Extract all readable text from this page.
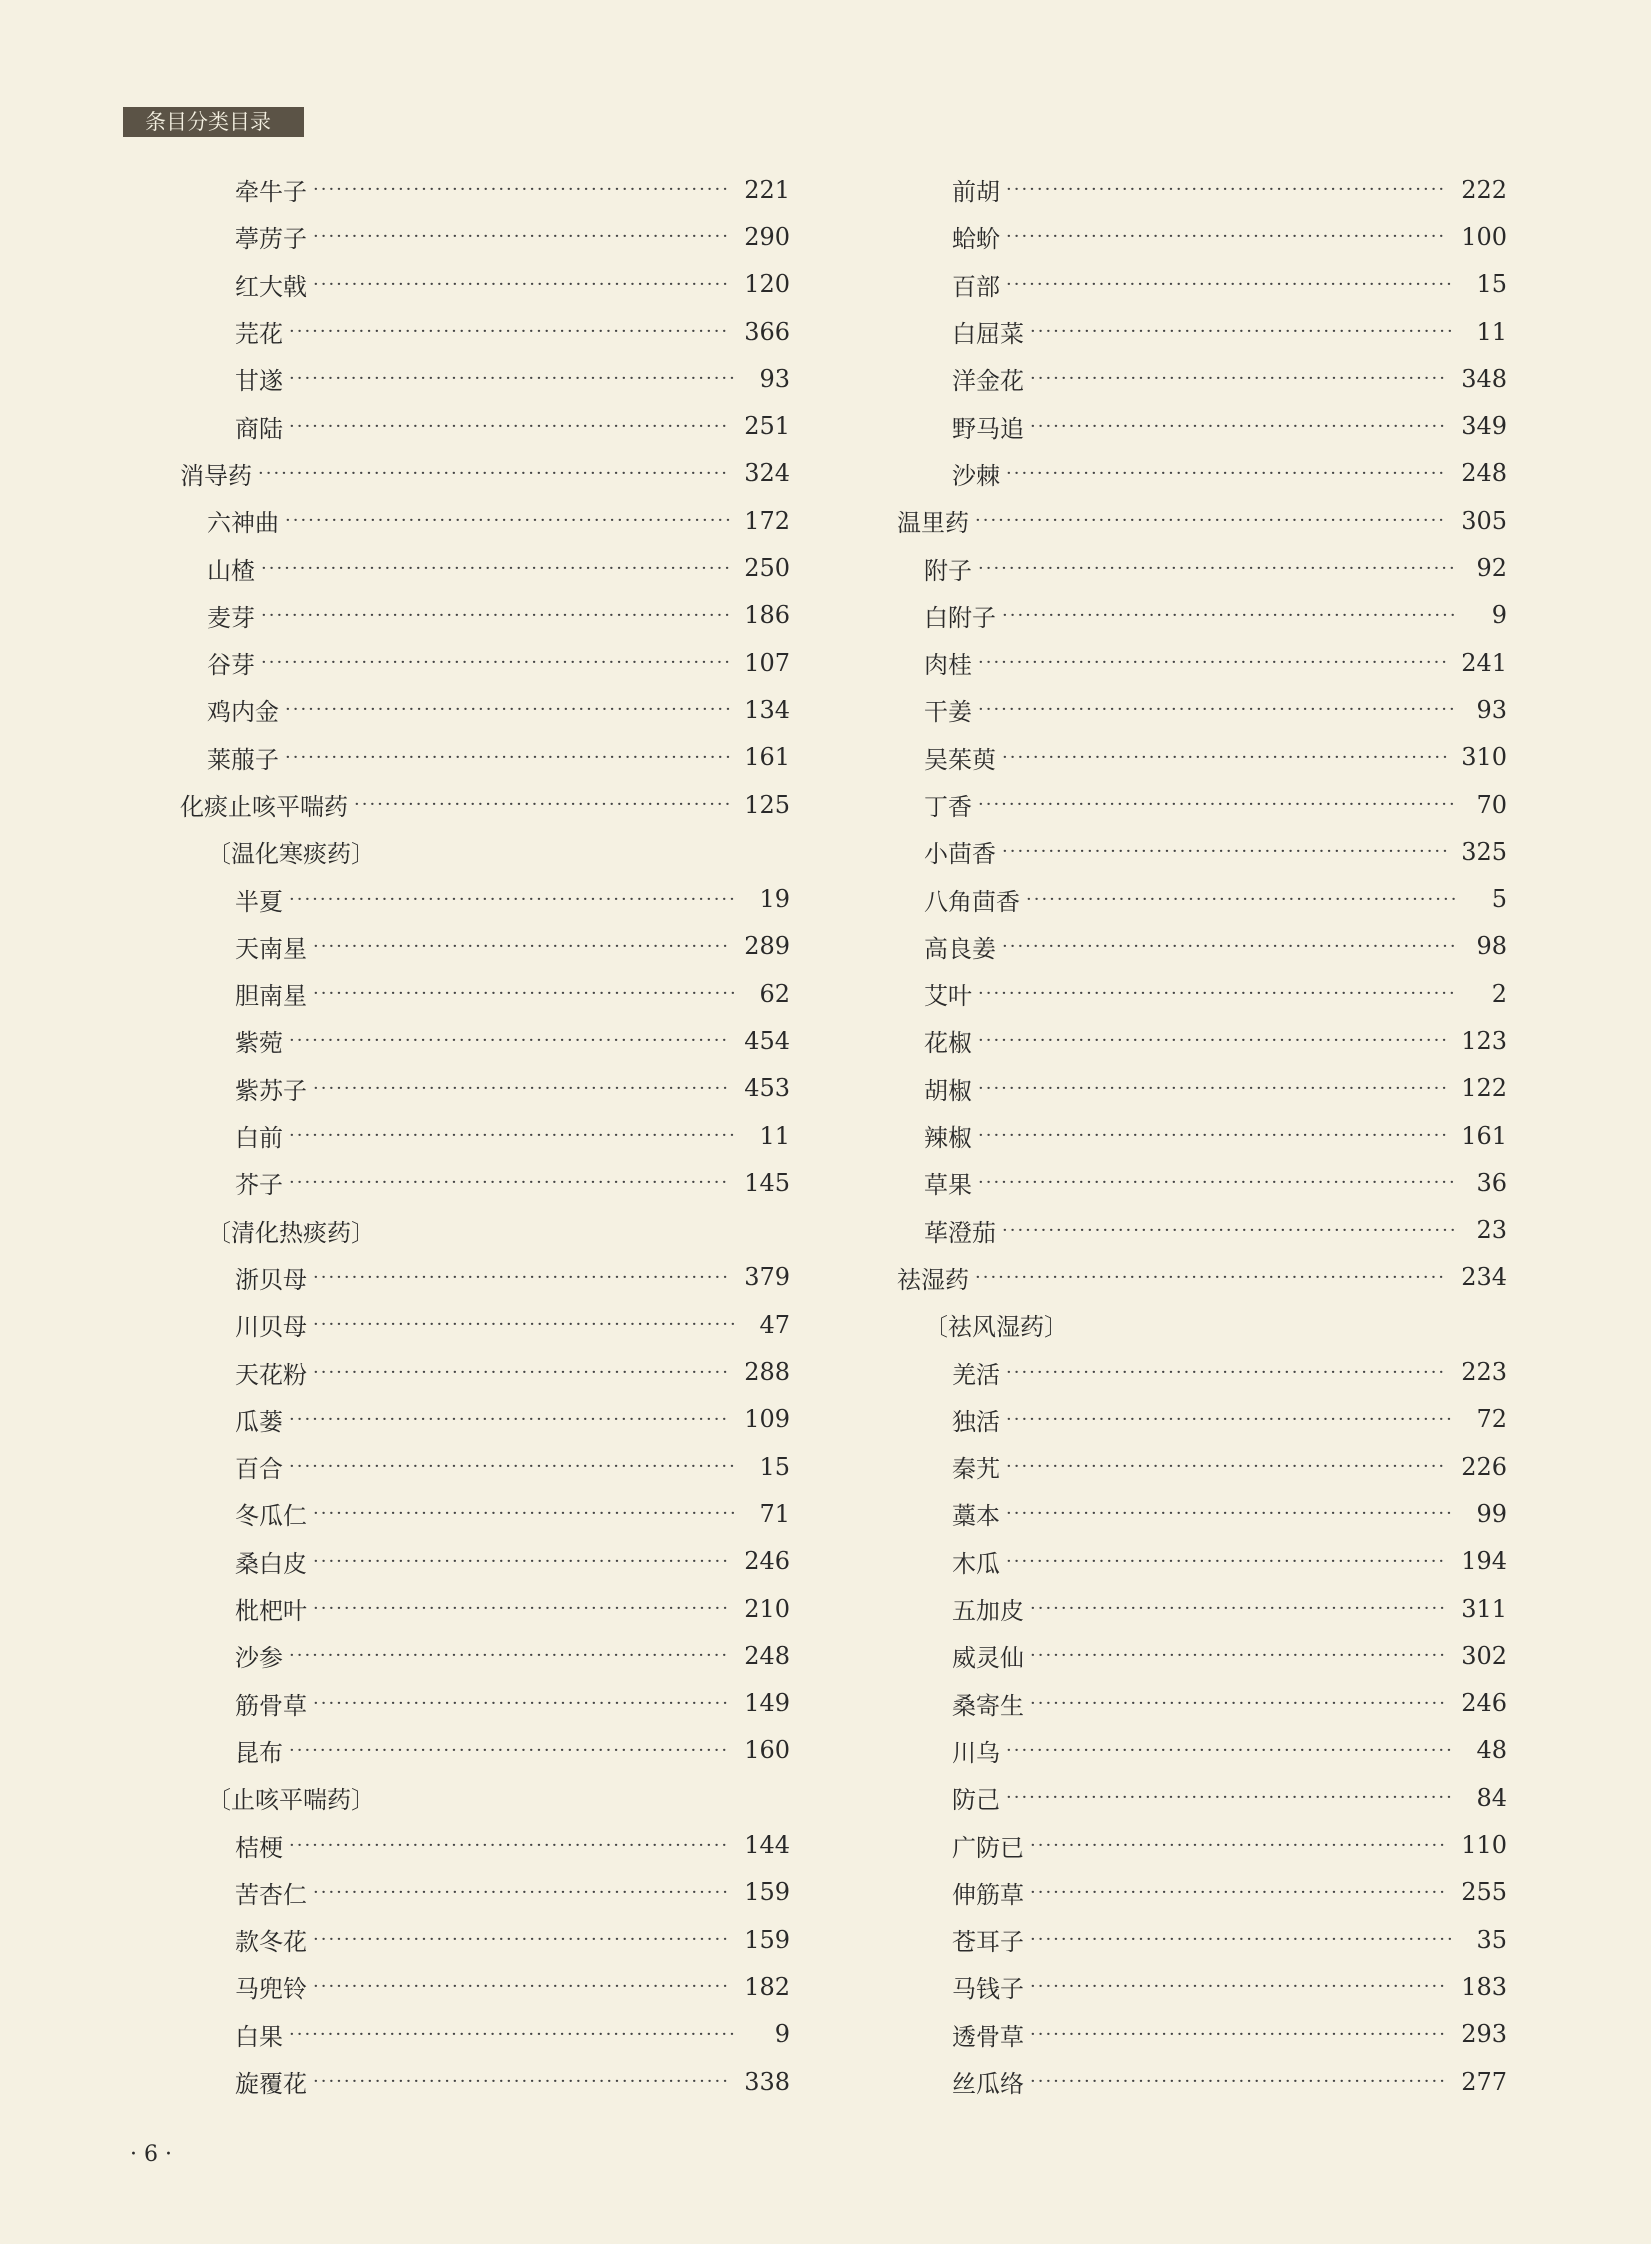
条目分类目录
牵牛子 ·····	221
葶苈子 ·····	290
红大戟 ·····	120
芫花 ·····	366
甘遂 ·····	93
商陆 ·····	251
消导药 ·····	324
六神曲 ·····	172
山楂 ·····	250
麦芽 ·····	186
谷芽 ·····	107
鸡内金 ·····	134
莱菔子 ·····	161
化痰止咳平喘药 ·····	125
〔温化寒痰药〕
半夏 ·····	19
天南星 ·····	289
胆南星 ·····	62
紫菀 ·····	454
紫苏子 ·····	453
白前 ·····	11
芥子 ·····	145
〔清化热痰药〕
浙贝母 ·····	379
川贝母 ·····	47
天花粉 ·····	288
瓜蒌 ·····	109
百合 ·····	15
冬瓜仁 ·····	71
桑白皮 ·····	246
枇杷叶 ·····	210
沙参 ·····	248
筋骨草 ·····	149
昆布 ·····	160
〔止咳平喘药〕
桔梗 ·····	144
苦杏仁 ·····	159
款冬花 ·····	159
马兜铃 ·····	182
白果 ·····	9
旋覆花 ·····	338
前胡 ·····	222
蛤蚧 ·····	100
百部 ·····	15
白屈菜 ·····	11
洋金花 ·····	348
野马追 ·····	349
沙棘 ·····	248
温里药 ·····	305
附子 ·····	92
白附子 ·····	9
肉桂 ·····	241
干姜 ·····	93
吴茱萸 ·····	310
丁香 ·····	70
小茴香 ·····	325
八角茴香 ·····	5
高良姜 ·····	98
艾叶 ·····	2
花椒 ·····	123
胡椒 ·····	122
辣椒 ·····	161
草果 ·····	36
荜澄茄 ·····	23
祛湿药 ·····	234
〔祛风湿药〕
羌活 ·····	223
独活 ·····	72
秦艽 ·····	226
藁本 ·····	99
木瓜 ·····	194
五加皮 ·····	311
威灵仙 ·····	302
桑寄生 ·····	246
川乌 ·····	48
防己 ·····	84
广防已 ·····	110
伸筋草 ·····	255
苍耳子 ·····	35
马钱子 ·····	183
透骨草 ·····	293
丝瓜络 ·····	277
· 6 ·
